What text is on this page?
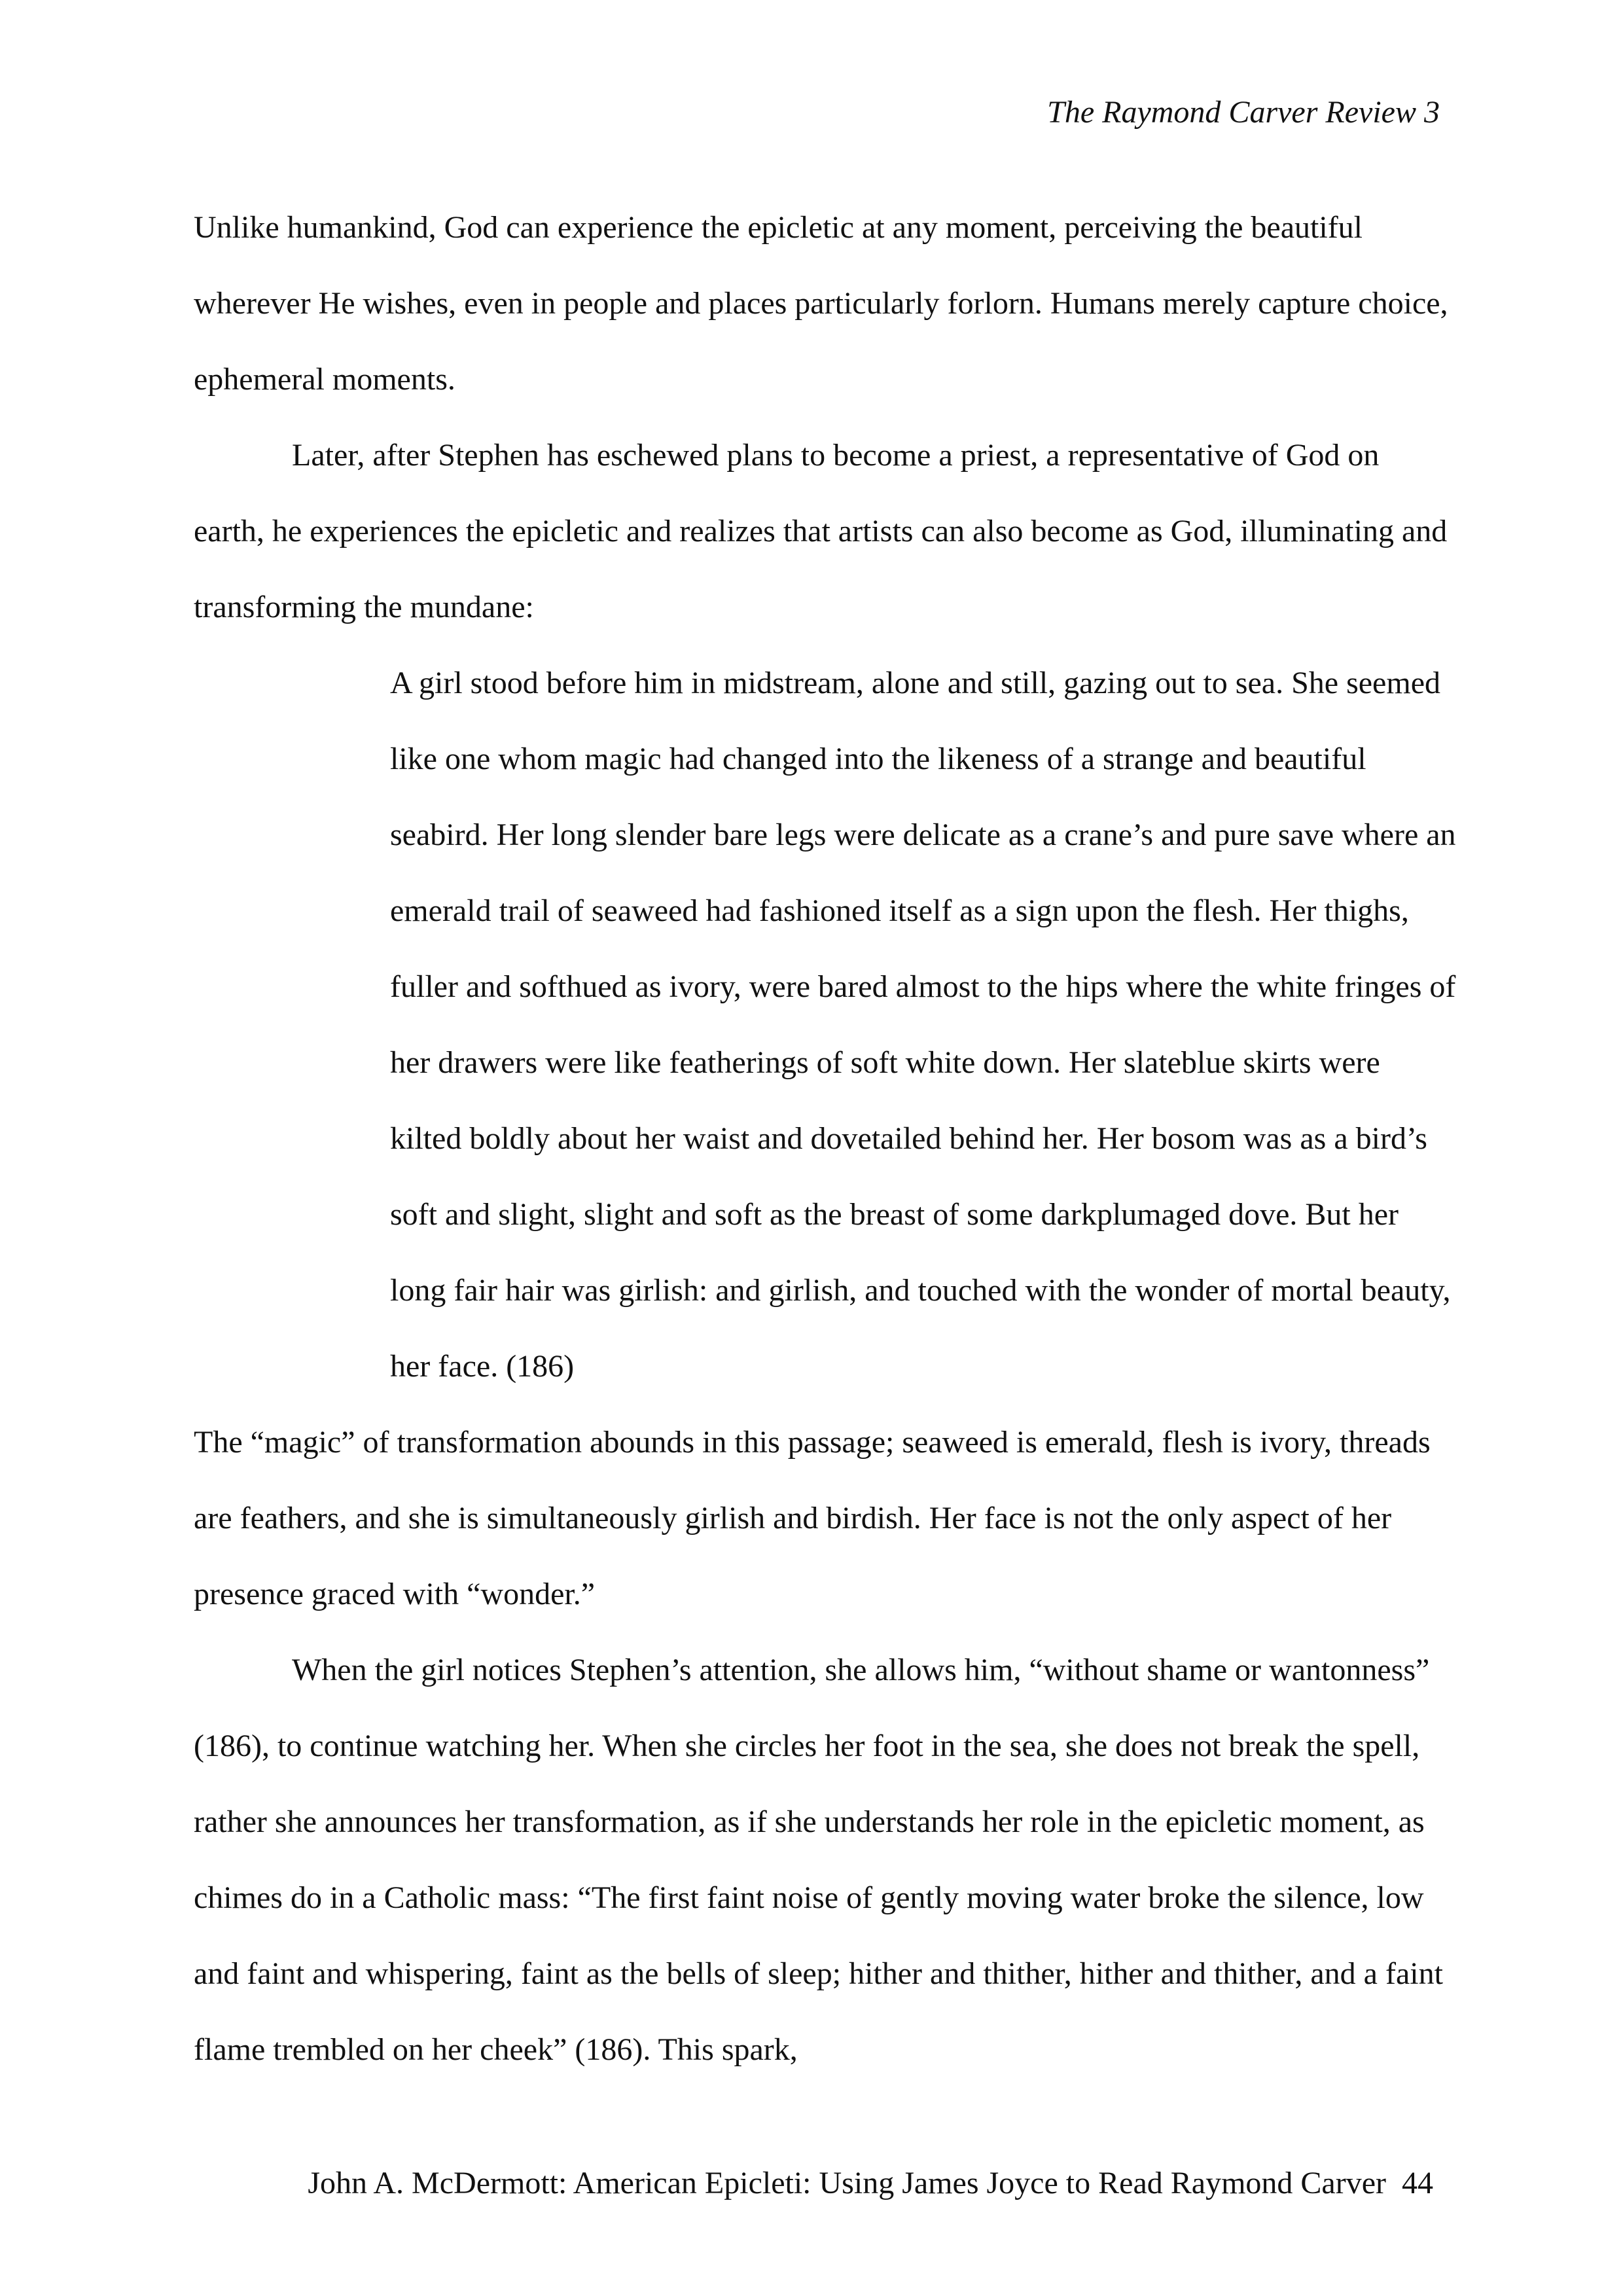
The Raymond Carver Review 3

Unlike humankind, God can experience the epicletic at any moment, perceiving the beautiful wherever He wishes, even in people and places particularly forlorn. Humans merely capture choice, ephemeral moments.

Later, after Stephen has eschewed plans to become a priest, a representative of God on earth, he experiences the epicletic and realizes that artists can also become as God, illuminating and transforming the mundane:

A girl stood before him in midstream, alone and still, gazing out to sea. She seemed like one whom magic had changed into the likeness of a strange and beautiful seabird. Her long slender bare legs were delicate as a crane’s and pure save where an emerald trail of seaweed had fashioned itself as a sign upon the flesh. Her thighs, fuller and softhued as ivory, were bared almost to the hips where the white fringes of her drawers were like featherings of soft white down. Her slateblue skirts were kilted boldly about her waist and dovetailed behind her. Her bosom was as a bird’s soft and slight, slight and soft as the breast of some darkplumaged dove. But her long fair hair was girlish: and girlish, and touched with the wonder of mortal beauty, her face. (186)

The “magic” of transformation abounds in this passage; seaweed is emerald, flesh is ivory, threads are feathers, and she is simultaneously girlish and birdish. Her face is not the only aspect of her presence graced with “wonder.”

When the girl notices Stephen’s attention, she allows him, “without shame or wantonness” (186), to continue watching her. When she circles her foot in the sea, she does not break the spell, rather she announces her transformation, as if she understands her role in the epicletic moment, as chimes do in a Catholic mass: “The first faint noise of gently moving water broke the silence, low and faint and whispering, faint as the bells of sleep; hither and thither, hither and thither, and a faint flame trembled on her cheek” (186). This spark,

John A. McDermott: American Epicleti: Using James Joyce to Read Raymond Carver 44
